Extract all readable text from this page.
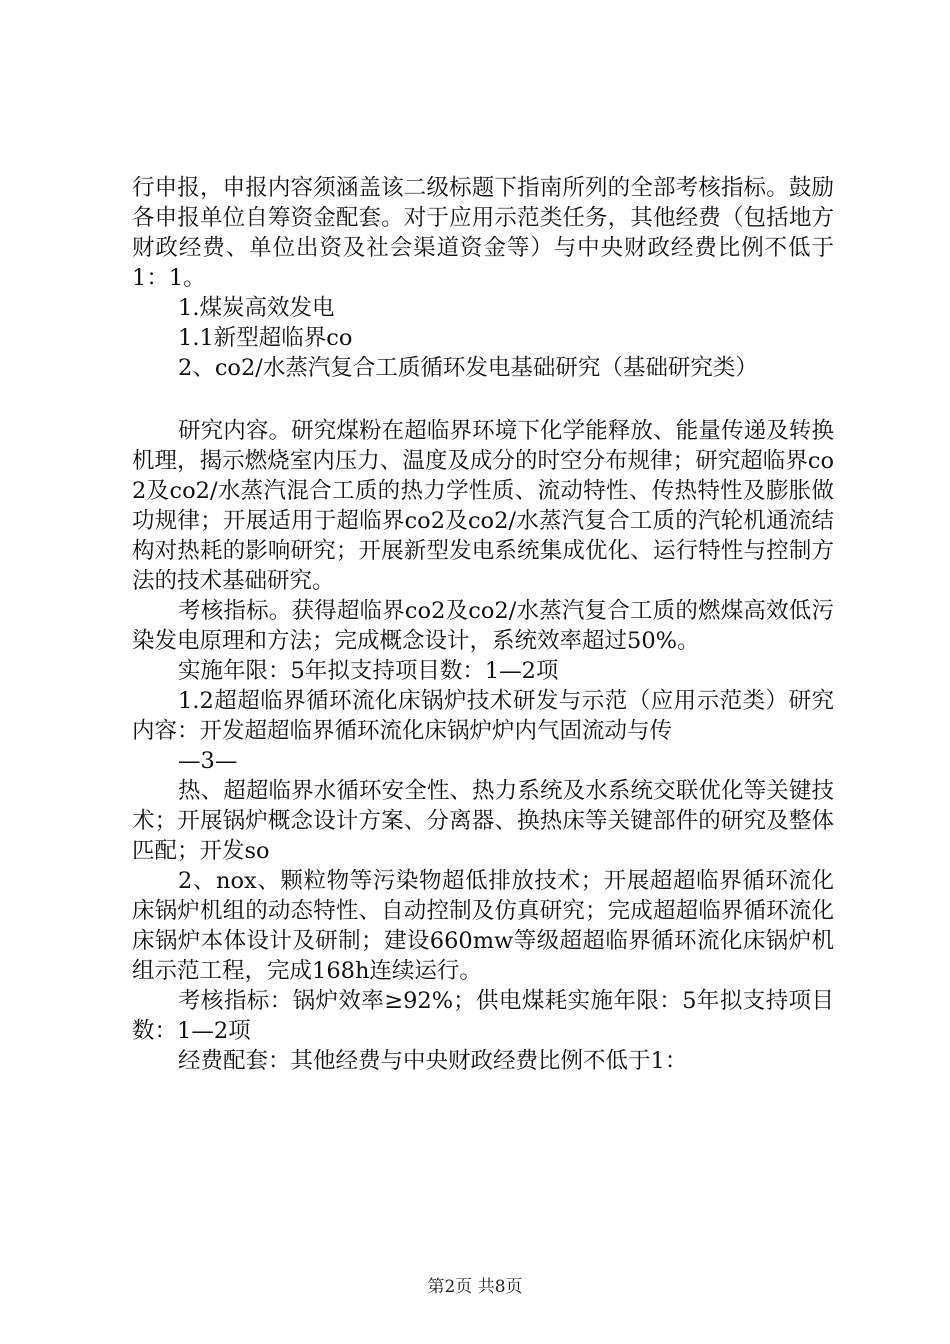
行申报，申报内容须涵盖该二级标题下指南所列的全部考核指标。鼓励各申报单位自筹资金配套。对于应用示范类任务，其他经费（包括地方财政经费、单位出资及社会渠道资金等）与中央财政经费比例不低于1：1。

1.煤炭高效发电

1.1新型超临界co

2、co2/水蒸汽复合工质循环发电基础研究（基础研究类）

研究内容。研究煤粉在超临界环境下化学能释放、能量传递及转换机理，揭示燃烧室内压力、温度及成分的时空分布规律；研究超临界co2及co2/水蒸汽混合工质的热力学性质、流动特性、传热特性及膨胀做功规律；开展适用于超临界co2及co2/水蒸汽复合工质的汽轮机通流结构对热耗的影响研究；开展新型发电系统集成优化、运行特性与控制方法的技术基础研究。

考核指标。获得超临界co2及co2/水蒸汽复合工质的燃煤高效低污染发电原理和方法；完成概念设计，系统效率超过50%。

实施年限：5年拟支持项目数：1—2项

1.2超超临界循环流化床锅炉技术研发与示范（应用示范类）研究内容：开发超超临界循环流化床锅炉炉内气固流动与传

—3—

热、超超临界水循环安全性、热力系统及水系统交联优化等关键技术；开展锅炉概念设计方案、分离器、换热床等关键部件的研究及整体匹配；开发so

2、nox、颗粒物等污染物超低排放技术；开展超超临界循环流化床锅炉机组的动态特性、自动控制及仿真研究；完成超超临界循环流化床锅炉本体设计及研制；建设660mw等级超超临界循环流化床锅炉机组示范工程，完成168h连续运行。

考核指标：锅炉效率≥92%；供电煤耗实施年限：5年拟支持项目数：1—2项

经费配套：其他经费与中央财政经费比例不低于1：

第2页 共8页
